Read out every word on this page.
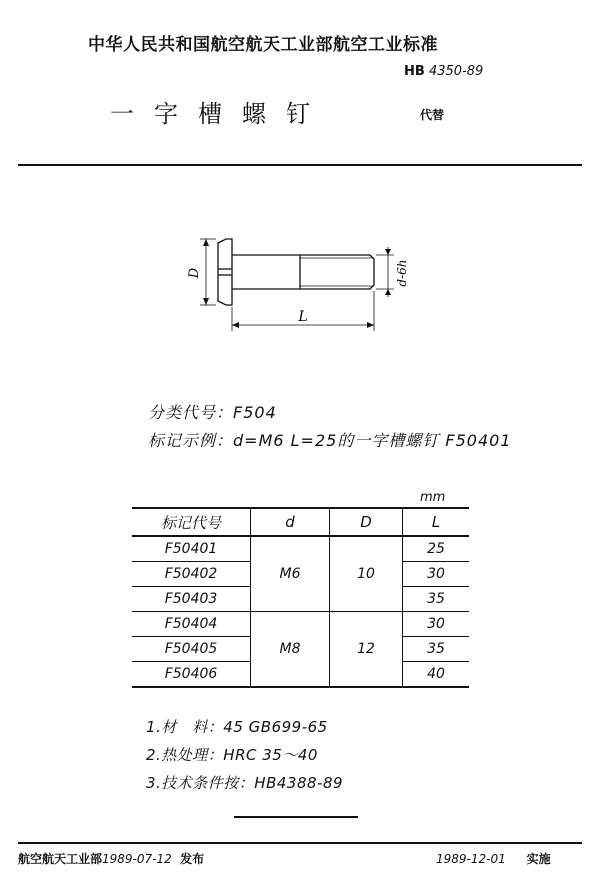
中华人民共和国航空航天工业部航空工业标准
HB 4350-89
一字槽螺钉	代替
D	d-6h
L
分类代号：F504
标记示例：d=M6 L=25的一字槽螺钉 F50401
mm
标记代号	d	D	L
F50401	M6	10	25
F50402			30
F50403			35
F50404	M8	12	30
F50405			35
F50406			40
1.材　料：45 GB699-65
2.热处理：HRC 35～40
3.技术条件按：HB4388-89
航空航天工业部1989-07-12 发布	1989-12-01 实施
